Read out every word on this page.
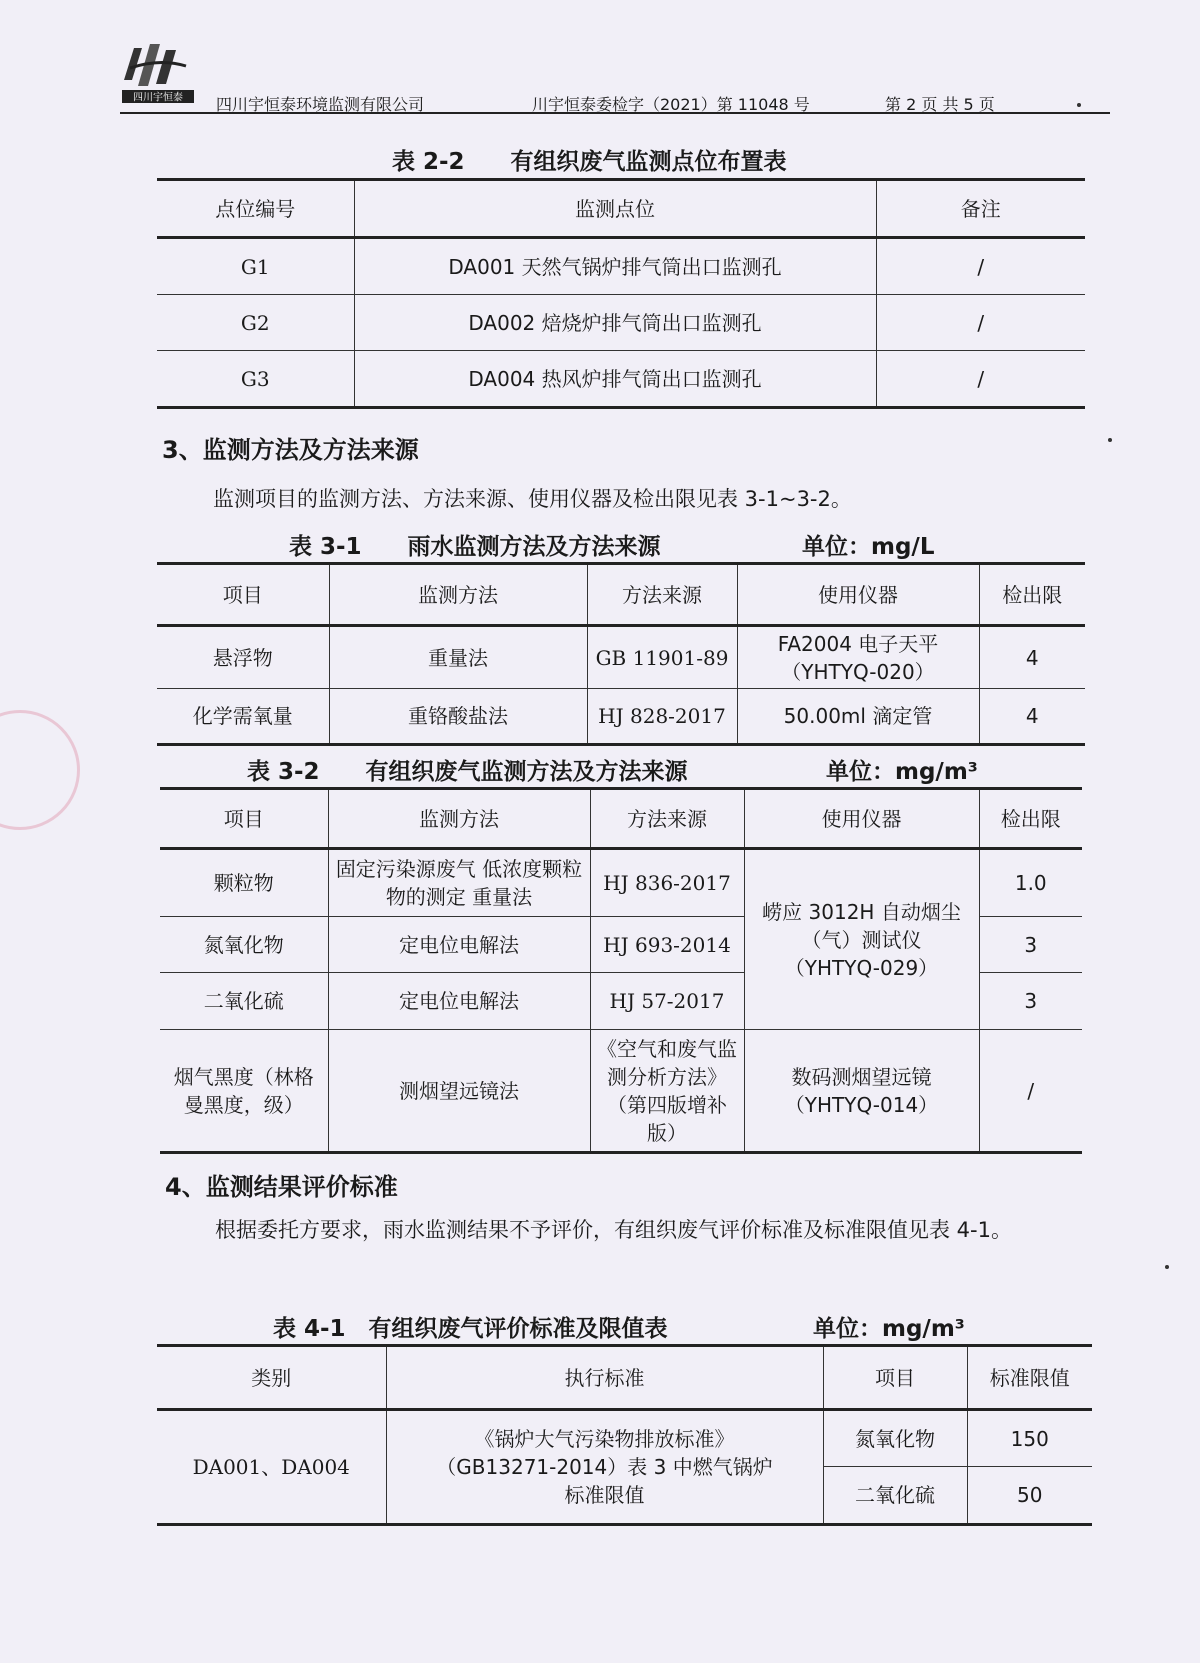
四川宇恒泰 四川宇恒泰环境监测有限公司	川宇恒泰委检字（2021）第 11048 号	第 2 页 共 5 页
表 2-2　　有组织废气监测点位布置表
点位编号	监测点位	备注
G1	DA001 天然气锅炉排气筒出口监测孔	/
G2	DA002 焙烧炉排气筒出口监测孔	/
G3	DA004 热风炉排气筒出口监测孔	/
3、监测方法及方法来源
监测项目的监测方法、方法来源、使用仪器及检出限见表 3-1~3-2。
表 3-1　　雨水监测方法及方法来源	单位：mg/L
项目	监测方法	方法来源	使用仪器	检出限
悬浮物	重量法	GB 11901-89	FA2004 电子天平（YHTYQ-020）	4
化学需氧量	重铬酸盐法	HJ 828-2017	50.00ml 滴定管	4
表 3-2　　有组织废气监测方法及方法来源	单位：mg/m³
项目	监测方法	方法来源	使用仪器	检出限
颗粒物	固定污染源废气 低浓度颗粒物的测定 重量法	HJ 836-2017	崂应 3012H 自动烟尘（气）测试仪（YHTYQ-029）	1.0
氮氧化物	定电位电解法	HJ 693-2014		3
二氧化硫	定电位电解法	HJ 57-2017		3
烟气黑度（林格曼黑度，级）	测烟望远镜法	《空气和废气监测分析方法》（第四版增补版）	数码测烟望远镜（YHTYQ-014）	/
4、监测结果评价标准
根据委托方要求，雨水监测结果不予评价，有组织废气评价标准及标准限值见表 4-1。
表 4-1　有组织废气评价标准及限值表	单位：mg/m³
类别	执行标准	项目	标准限值
DA001、DA004	《锅炉大气污染物排放标准》（GB13271-2014）表 3 中燃气锅炉标准限值	氮氧化物	150
		二氧化硫	50
